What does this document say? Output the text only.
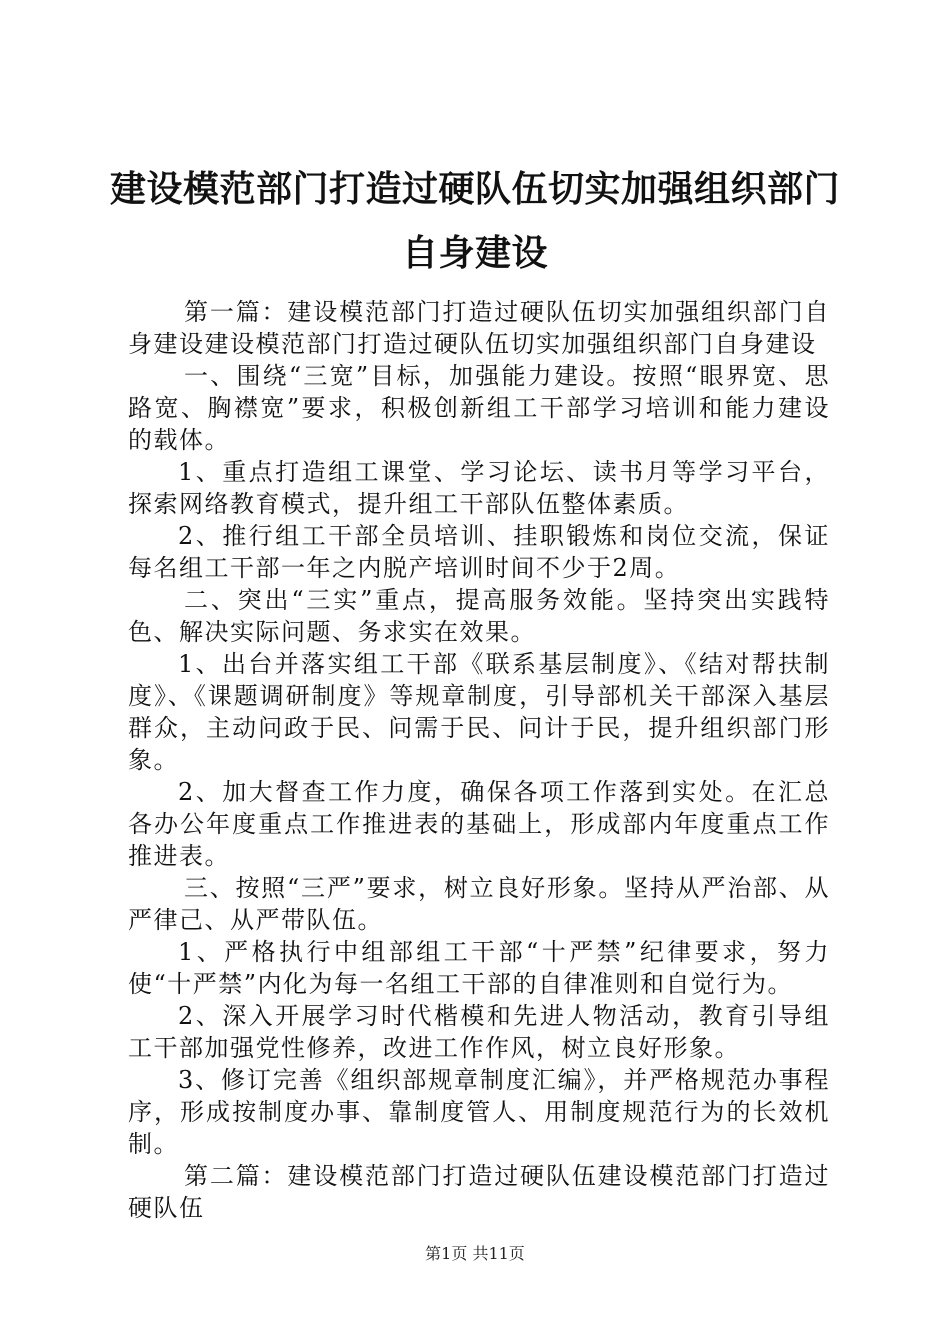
建设模范部门打造过硬队伍切实加强组织部门
自身建设

第一篇：建设模范部门打造过硬队伍切实加强组织部门自身建设建设模范部门打造过硬队伍切实加强组织部门自身建设

一、围绕“三宽”目标，加强能力建设。按照“眼界宽、思路宽、胸襟宽”要求，积极创新组工干部学习培训和能力建设的载体。

1、重点打造组工课堂、学习论坛、读书月等学习平台，探索网络教育模式，提升组工干部队伍整体素质。

2、推行组工干部全员培训、挂职锻炼和岗位交流，保证每名组工干部一年之内脱产培训时间不少于2周。

二、突出“三实”重点，提高服务效能。坚持突出实践特色、解决实际问题、务求实在效果。

1、出台并落实组工干部《联系基层制度》、《结对帮扶制度》、《课题调研制度》等规章制度，引导部机关干部深入基层群众，主动问政于民、问需于民、问计于民，提升组织部门形象。

2、加大督查工作力度，确保各项工作落到实处。在汇总各办公年度重点工作推进表的基础上，形成部内年度重点工作推进表。

三、按照“三严”要求，树立良好形象。坚持从严治部、从严律己、从严带队伍。

1、严格执行中组部组工干部“十严禁”纪律要求，努力使“十严禁”内化为每一名组工干部的自律准则和自觉行为。

2、深入开展学习时代楷模和先进人物活动，教育引导组工干部加强党性修养，改进工作作风，树立良好形象。

3、修订完善《组织部规章制度汇编》，并严格规范办事程序，形成按制度办事、靠制度管人、用制度规范行为的长效机制。

第二篇：建设模范部门打造过硬队伍建设模范部门打造过硬队伍

第1页 共11页
